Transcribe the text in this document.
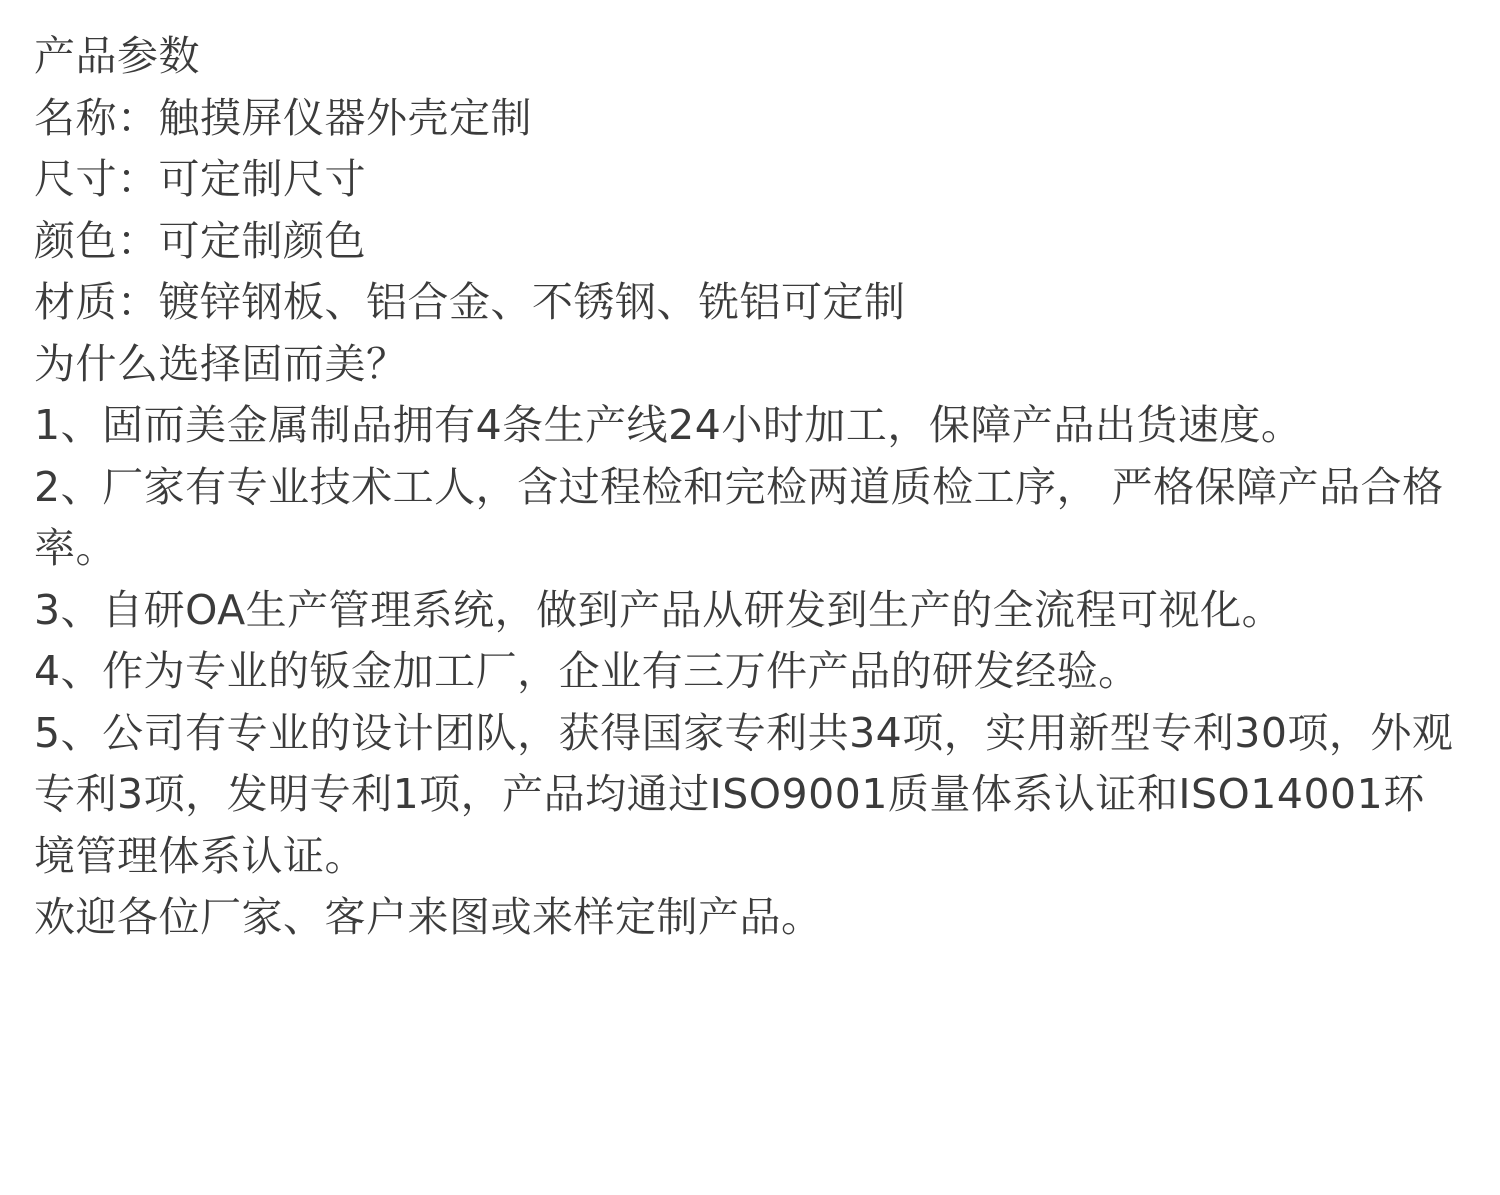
产品参数
名称：触摸屏仪器外壳定制
尺寸：可定制尺寸
颜色：可定制颜色
材质：镀锌钢板、铝合金、不锈钢、铣铝可定制
为什么选择固而美？
1、固而美金属制品拥有4条生产线24小时加工，保障产品出货速度。
2、厂家有专业技术工人，含过程检和完检两道质检工序， 严格保障产品合格率。
3、自研OA生产管理系统，做到产品从研发到生产的全流程可视化。
4、作为专业的钣金加工厂，企业有三万件产品的研发经验。
5、公司有专业的设计团队，获得国家专利共34项，实用新型专利30项，外观专利3项，发明专利1项，产品均通过ISO9001质量体系认证和ISO14001环境管理体系认证。
欢迎各位厂家、客户来图或来样定制产品。
